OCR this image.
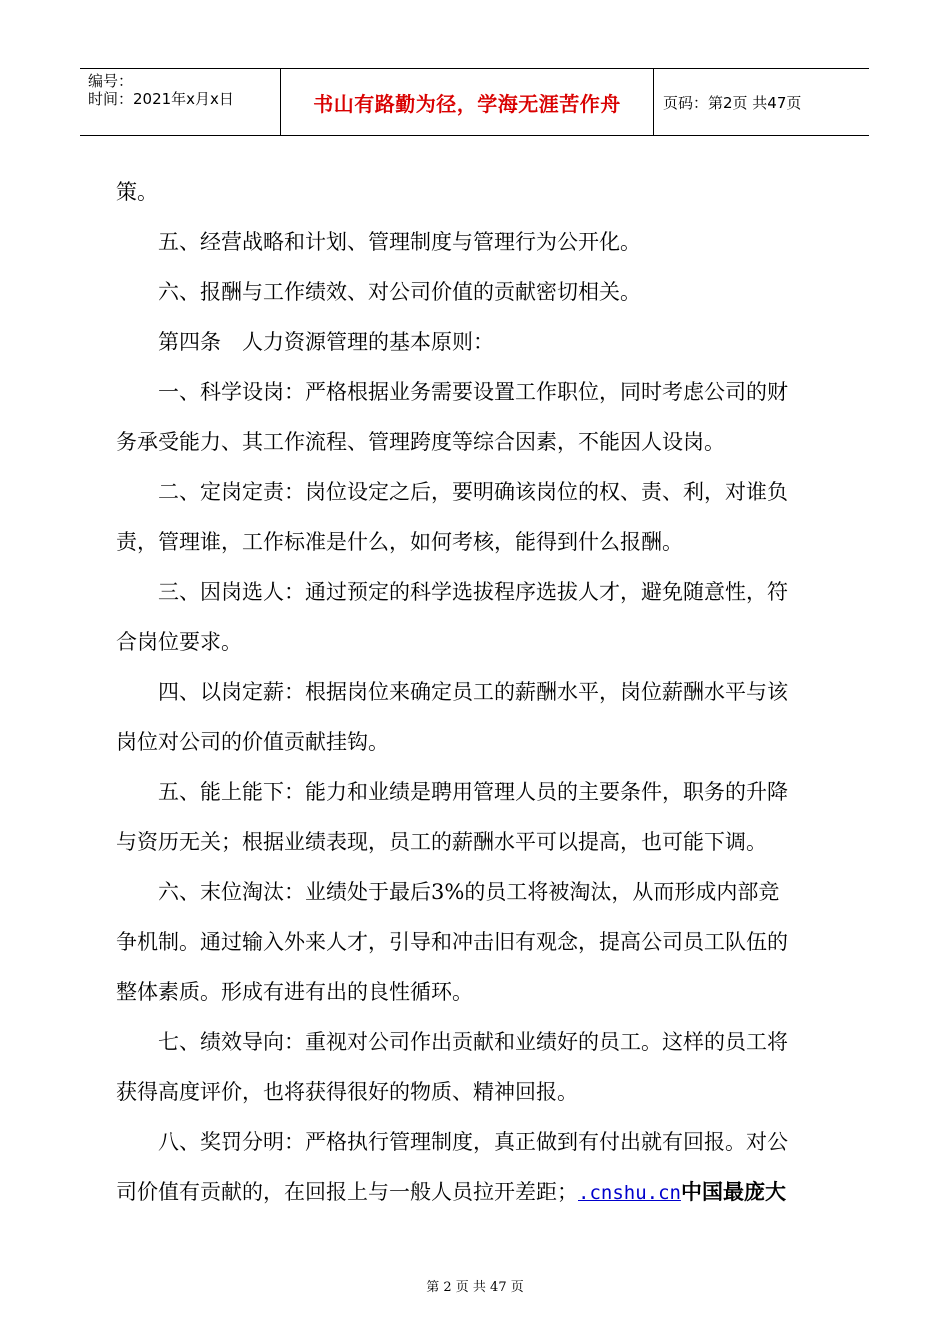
编号：
时间：2021年x月x日	书山有路勤为径，学海无涯苦作舟	页码：第2页 共47页
策。
五、经营战略和计划、管理制度与管理行为公开化。
六、报酬与工作绩效、对公司价值的贡献密切相关。
第四条　人力资源管理的基本原则：
一、科学设岗：严格根据业务需要设置工作职位，同时考虑公司的财
务承受能力、其工作流程、管理跨度等综合因素，不能因人设岗。
二、定岗定责：岗位设定之后，要明确该岗位的权、责、利，对谁负
责，管理谁，工作标准是什么，如何考核，能得到什么报酬。
三、因岗选人：通过预定的科学选拔程序选拔人才，避免随意性，符
合岗位要求。
四、以岗定薪：根据岗位来确定员工的薪酬水平，岗位薪酬水平与该
岗位对公司的价值贡献挂钩。
五、能上能下：能力和业绩是聘用管理人员的主要条件，职务的升降
与资历无关；根据业绩表现，员工的薪酬水平可以提高，也可能下调。
六、末位淘汰：业绩处于最后3%的员工将被淘汰，从而形成内部竞
争机制。通过输入外来人才，引导和冲击旧有观念，提高公司员工队伍的
整体素质。形成有进有出的良性循环。
七、绩效导向：重视对公司作出贡献和业绩好的员工。这样的员工将
获得高度评价，也将获得很好的物质、精神回报。
八、奖罚分明：严格执行管理制度，真正做到有付出就有回报。对公
司价值有贡献的，在回报上与一般人员拉开差距；.cnshu.cn中国最庞大
第 2 页 共 47 页
